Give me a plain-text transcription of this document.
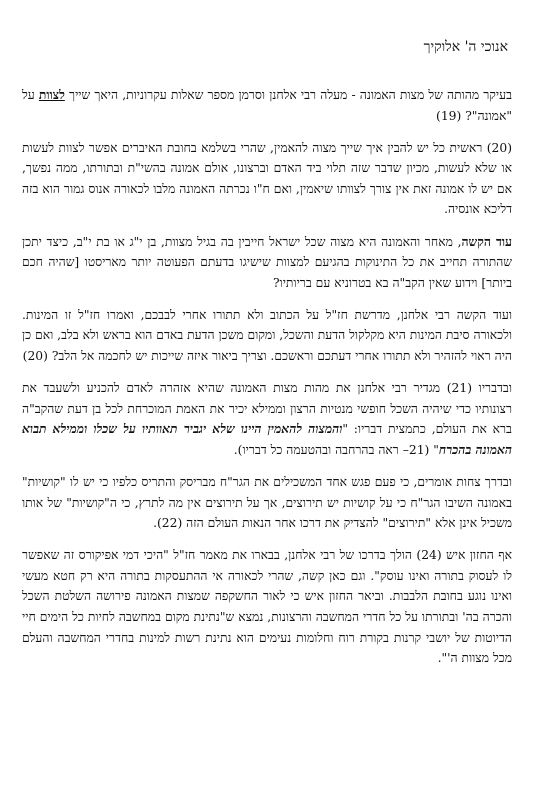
אנוכי ה' אלוקיך

בעיקר מהותה של מצות האמונה - מעלה רבי אלחנן וסרמן מספר שאלות עקרוניות, היאך שייך לצוות על "אמונה"? (19)

(20) ראשית כל יש להבין איך שייך מצוה להאמין, שהרי בשלמא בחובת האיברים אפשר לצוות לעשות או שלא לעשות, מכיון שדבר שזה תלוי ביד האדם וברצונו, אולם אמונה בהשי"ת ובתורתו, ממה נפשך, אם יש לו אמונה זאת אין צורך לצוותו שיאמין, ואם ח"ו נכרתה האמונה מלבו לכאורה אנוס גמור הוא בזה דליכא אונסיה.

עוד הקשה, מאחר והאמונה היא מצוה שכל ישראל חייבין בה בגיל מצוות, בן י"ג או בת י"ב, כיצד יתכן שהתורה תחייב את כל התינוקות בהגיעם למצוות שישיגו בדעתם הפעוטה יותר מאריסטו [שהיה חכם ביותר] וידוע שאין הקב"ה בא בטרוניא עם בריותיו?

ועוד הקשה רבי אלחנן, מדרשת חז"ל על הכתוב ולא תתורו אחרי לבבכם, ואמרו חז"ל זו המינות. ולכאורה סיבת המינות היא מקלקול הדעת והשכל, ומקום משכן הדעת באדם הוא בראש ולא בלב, ואם כן היה ראוי להזהיר ולא תתורו אחרי דעתכם וראשכם. וצריך ביאור איזה שייכות יש לחכמה אל הלב? (20)

ובדבריו (21) מגדיר רבי אלחנן את מהות מצות האמונה שהיא אזהרה לאדם להכניע ולשעבד את רצונותיו כדי שיהיה השכל חופשי מנטיות הרצון וממילא יכיר את האמת המוכרחת לכל בן דעת שהקב"ה ברא את העולם, כתמצית דבריו: "והמצוה להאמין היינו שלא יגביר תאוותיו על שכלו וממילא תבוא האמונה בהכרח" (21– ראה בהרחבה ובהטעמה כל דבריו).

ובדרך צחות אומרים, כי פעם פגש אחד המשכילים את הגר"ח מבריסק והתריס כלפיו כי יש לו "קושיות" באמונה השיבו הגר"ח כי על קושיות יש תירוצים, אך על תירוצים אין מה לתרץ, כי ה"קושיות" של אותו משכיל אינן אלא "תירוצים" להצדיק את דרכו אחר הנאות העולם הזה (22).

אף החזון איש (24) הולך בדרכו של רבי אלחנן, בבארו את מאמר חז"ל "היכי דמי אפיקורס זה שאפשר לו לעסוק בתורה ואינו עוסק". וגם כאן קשה, שהרי לכאורה אי ההתעסקות בתורה היא רק חטא מעשי ואינו נוגע בחובת הלבבות. וביאר החזון איש כי לאור החשקפה שמצות האמונה פירושה השלטת השכל והכרה בה' ובתורתו על כל חדרי המחשבה והרצונות, נמצא ש"נתינת מקום במחשבה לחיות כל הימים חיי הדיוטות של יושבי קרנות בקורת רוח וחלומות נעימים הוא נתינת רשות למינות בחדרי המחשבה והעלם מכל מצוות ה'".
